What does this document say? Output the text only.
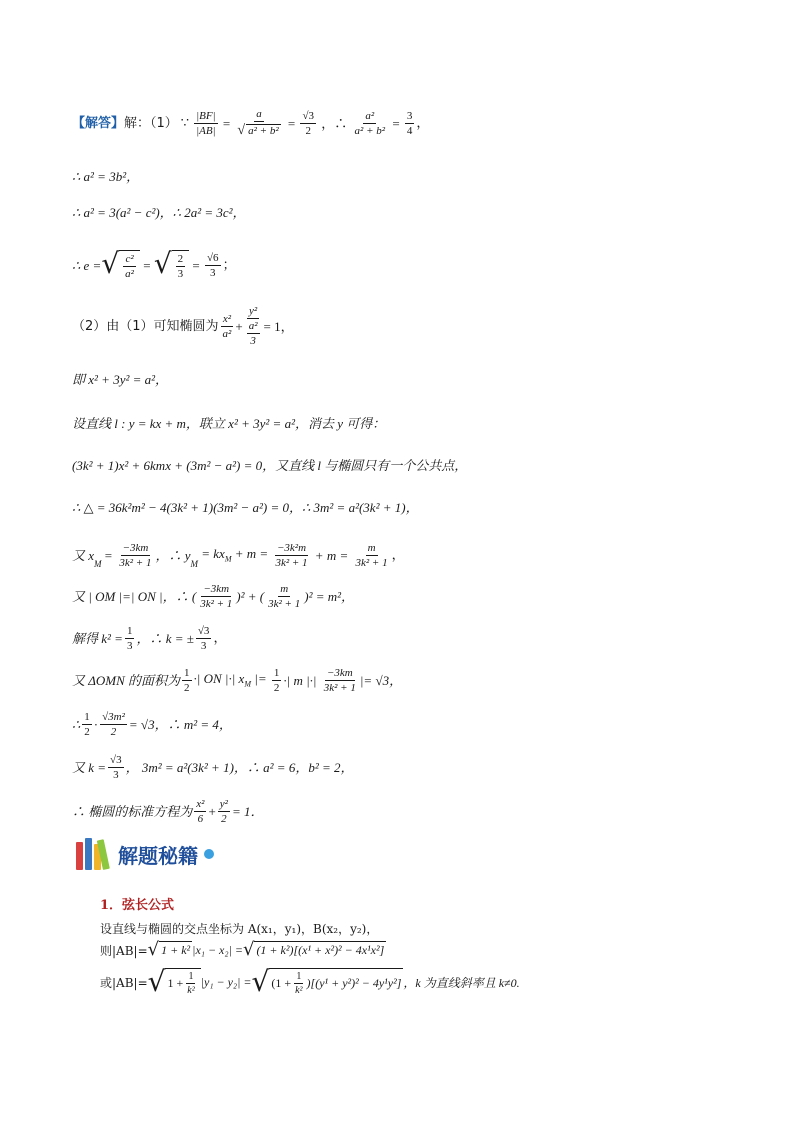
【解答】 解：（1） ∵ $\frac{|BF|}{|AB|} = \frac{a}{\text{√ a² + b²}} = \frac{√3}{2}$ ，∴ $\frac{\text{a²}}{\text{a² + b²}} = \frac{3}{4}$ ，
∴ a² = 3b²，
∴ a² = 3(a² − c²)，∴ 2a² = 3c²，
∴ e = √ $\frac{\text{c²}}{\text{a²}}$ = √ $\frac{2}{3} = \frac{√6}{3}$ ；
（2）由（1）可知椭圆为 $\frac{\text{x²}}{\text{a²}} + \frac{\text{y²}}{\frac{\text{a²}}{3}} = 1$，
即 x² + 3y² = a²，
设直线 l : y = kx + m，联立 x² + 3y² = a²，消去 y 可得：
(3k² + 1)x² + 6kmx + (3m² − a²) = 0，又直线 l 与椭圆只有一个公共点，
∴ △ = 36k²m² − 4(3k² + 1)(3m² − a²) = 0，∴ 3m² = a²(3k² + 1)，
又 x
M
= $\frac{-3km}{\text{3k² + 1}}$ ，∴ y
M
= $kx_M + m = \frac{\text{−3k²m}}{\text{3k² + 1}} + m = \frac{m}{\text{3k² + 1}}$ ，
又 | OM |=| ON |，∴ ( $\frac{-3km}{\text{3k² + 1}} )^2$ + ( $\frac{m}{\text{3k² + 1}} )^2 = m^2$，
解得 $k^2 = \frac{1}{3}$ ，∴ k = ± $\frac{√3}{3}$ ，
又 ΔOMN 的面积为 $\frac{1}{2}$ ·| ON |·| $x_M$ |= $\frac{1}{2}$ ·| m |·| $\frac{-3km}{\text{3k² + 1}}$ |= √3，
∴ $\frac{1}{2} \cdot \frac{\text{√3m²}}{2} = √3$，∴ m² = 4，
又 $k = \frac{√3}{3}$ ， 3m² = a²(3k² + 1)，∴ a² = 6，b² = 2，
∴ 椭圆的标准方程为 $\frac{\text{x²}}{6} + \frac{\text{y²}}{2} = 1$．
解题秘籍
1．弦长公式
设直线与椭圆的交点坐标为 A(x₁，y₁)，B(x₂，y₂)，
则|AB|= √ 1 + k² |x₁ − x₂| = √ (1 + k²)[(x¹ + x²)² − 4x¹x²]
或|AB|= √ $1 + \frac{1}{\text{k²}} |y_1 - y_2|$ = √ $(1 + \frac{1}{\text{k²}} )[(y^1 + y^2)^2 - 4y^1y^2]$ ，k 为直线斜率且 k≠0.
